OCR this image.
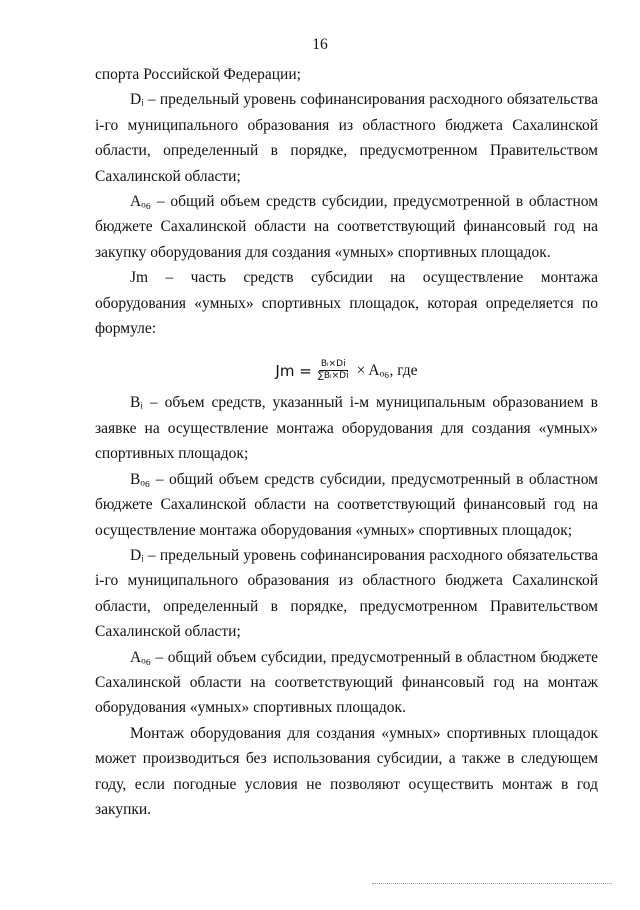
16

спорта Российской Федерации;

Dᵢ – предельный уровень софинансирования расходного обязательства i-го муниципального образования из областного бюджета Сахалинской области, определенный в порядке, предусмотренном Правительством Сахалинской области;

Aₒ₆ – общий объем средств субсидии, предусмотренной в областном бюджете Сахалинской области на соответствующий финансовый год на закупку оборудования для создания «умных» спортивных площадок.

Jm – часть средств субсидии на осуществление монтажа оборудования «умных» спортивных площадок, которая определяется по формуле:

$Jm = \frac{\text{Bᵢ×Di}}{\text{∑Bᵢ×Di}} \times A_{o6}$, где

Bᵢ – объем средств, указанный i-м муниципальным образованием в заявке на осуществление монтажа оборудования для создания «умных» спортивных площадок;

Bₒ₆ – общий объем средств субсидии, предусмотренный в областном бюджете Сахалинской области на соответствующий финансовый год на осуществление монтажа оборудования «умных» спортивных площадок;

Dᵢ – предельный уровень софинансирования расходного обязательства i-го муниципального образования из областного бюджета Сахалинской области, определенный в порядке, предусмотренном Правительством Сахалинской области;

Aₒ₆ – общий объем субсидии, предусмотренный в областном бюджете Сахалинской области на соответствующий финансовый год на монтаж оборудования «умных» спортивных площадок.

Монтаж оборудования для создания «умных» спортивных площадок может производиться без использования субсидии, а также в следующем году, если погодные условия не позволяют осуществить монтаж в год закупки.
